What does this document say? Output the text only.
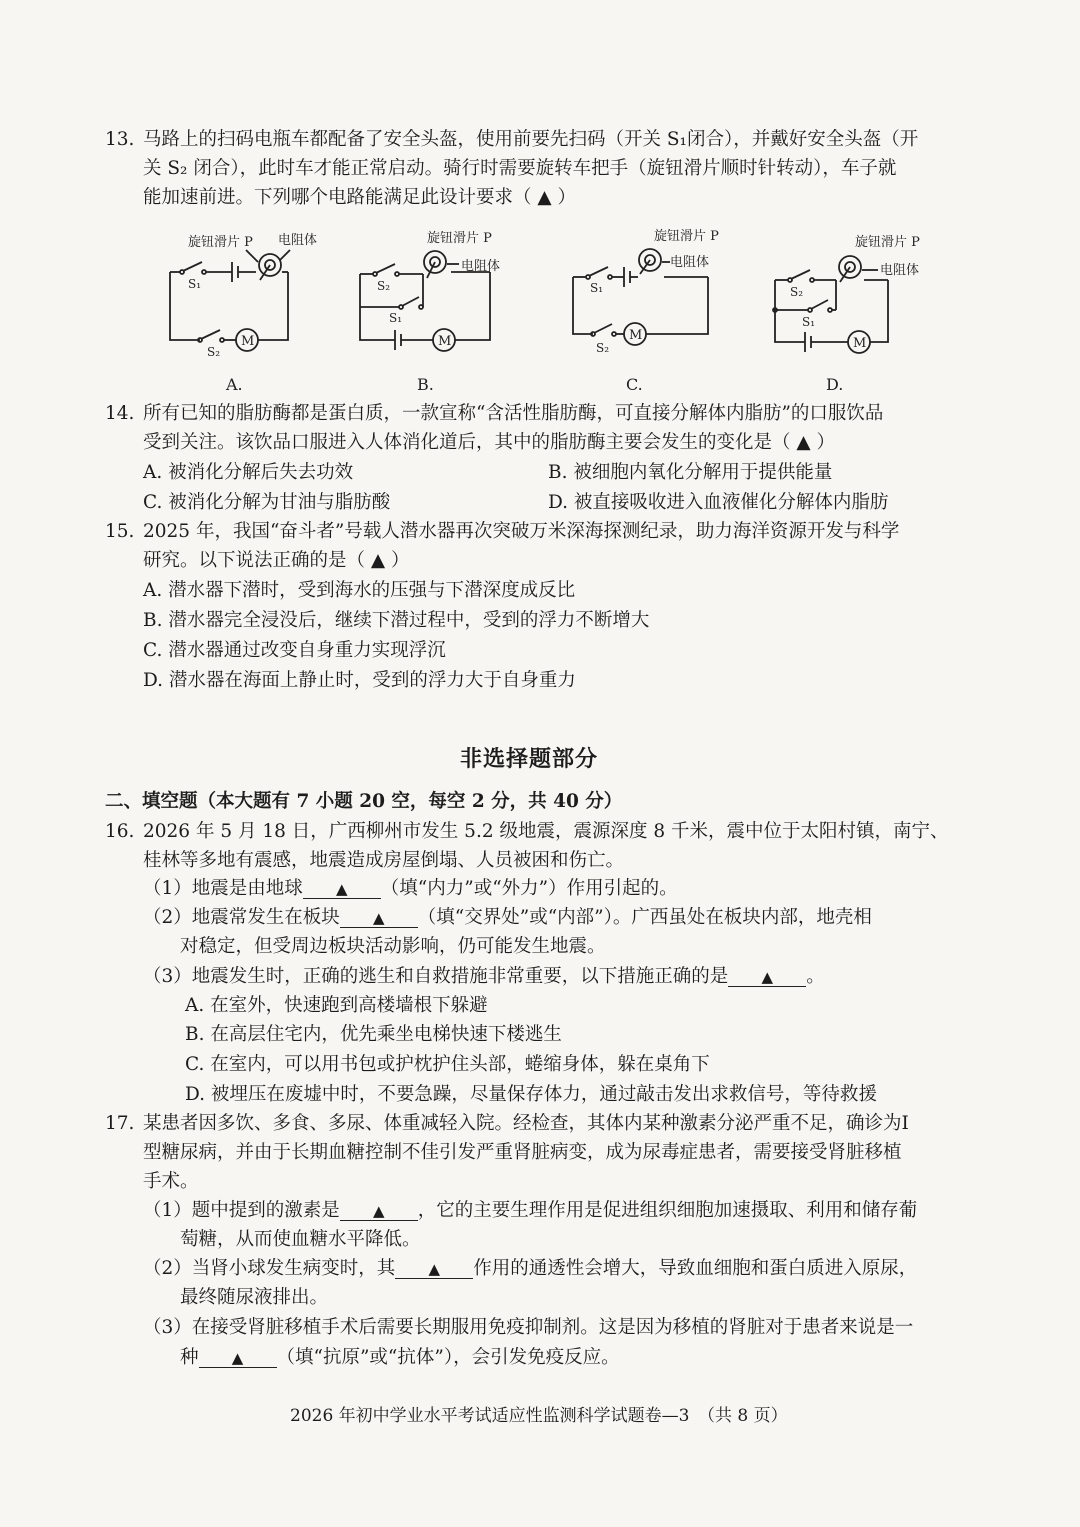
13. 马路上的扫码电瓶车都配备了安全头盔，使用前要先扫码（开关 S₁闭合），并戴好安全头盔（开
关 S₂ 闭合），此时车才能正常启动。骑行时需要旋转车把手（旋钮滑片顺时针转动），车子就
能加速前进。下列哪个电路能满足此设计要求（ ▲ ）
旋钮滑片 P 电阻体
M
S₁
S₂
A.
旋钮滑片 P
电阻体
M
S₂
S₁
B.
旋钮滑片 P
电阻体
M
S₁
S₂
C.
旋钮滑片 P
电阻体
M
S₂
S₁
D.
14. 所有已知的脂肪酶都是蛋白质，一款宣称“含活性脂肪酶，可直接分解体内脂肪”的口服饮品
受到关注。该饮品口服进入人体消化道后，其中的脂肪酶主要会发生的变化是（ ▲ ）
A. 被消化分解后失去功效	B. 被细胞内氧化分解用于提供能量
C. 被消化分解为甘油与脂肪酸	D. 被直接吸收进入血液催化分解体内脂肪
15. 2025 年，我国“奋斗者”号载人潜水器再次突破万米深海探测纪录，助力海洋资源开发与科学
研究。以下说法正确的是（ ▲ ）
A. 潜水器下潜时，受到海水的压强与下潜深度成反比
B. 潜水器完全浸没后，继续下潜过程中，受到的浮力不断增大
C. 潜水器通过改变自身重力实现浮沉
D. 潜水器在海面上静止时，受到的浮力大于自身重力
非选择题部分
二、填空题（本大题有 7 小题 20 空，每空 2 分，共 40 分）
16. 2026 年 5 月 18 日，广西柳州市发生 5.2 级地震，震源深度 8 千米，震中位于太阳村镇，南宁、
桂林等多地有震感，地震造成房屋倒塌、人员被困和伤亡。
（1）地震是由地球 ▲ （填“内力”或“外力”）作用引起的。
（2）地震常发生在板块 ▲ （填“交界处”或“内部”）。广西虽处在板块内部，地壳相
对稳定，但受周边板块活动影响，仍可能发生地震。
（3）地震发生时，正确的逃生和自救措施非常重要，以下措施正确的是 ▲ 。
A. 在室外，快速跑到高楼墙根下躲避
B. 在高层住宅内，优先乘坐电梯快速下楼逃生
C. 在室内，可以用书包或护枕护住头部，蜷缩身体，躲在桌角下
D. 被埋压在废墟中时，不要急躁，尽量保存体力，通过敲击发出求救信号，等待救援
17. 某患者因多饮、多食、多尿、体重减轻入院。经检查，其体内某种激素分泌严重不足，确诊为I
型糖尿病，并由于长期血糖控制不佳引发严重肾脏病变，成为尿毒症患者，需要接受肾脏移植
手术。
（1）题中提到的激素是 ▲ ，它的主要生理作用是促进组织细胞加速摄取、利用和储存葡
萄糖，从而使血糖水平降低。
（2）当肾小球发生病变时，其 ▲ 作用的通透性会增大，导致血细胞和蛋白质进入原尿，
最终随尿液排出。
（3）在接受肾脏移植手术后需要长期服用免疫抑制剂。这是因为移植的肾脏对于患者来说是一
种 ▲ （填“抗原”或“抗体”），会引发免疫反应。
2026 年初中学业水平考试适应性监测科学试题卷—3　（共 8 页）
